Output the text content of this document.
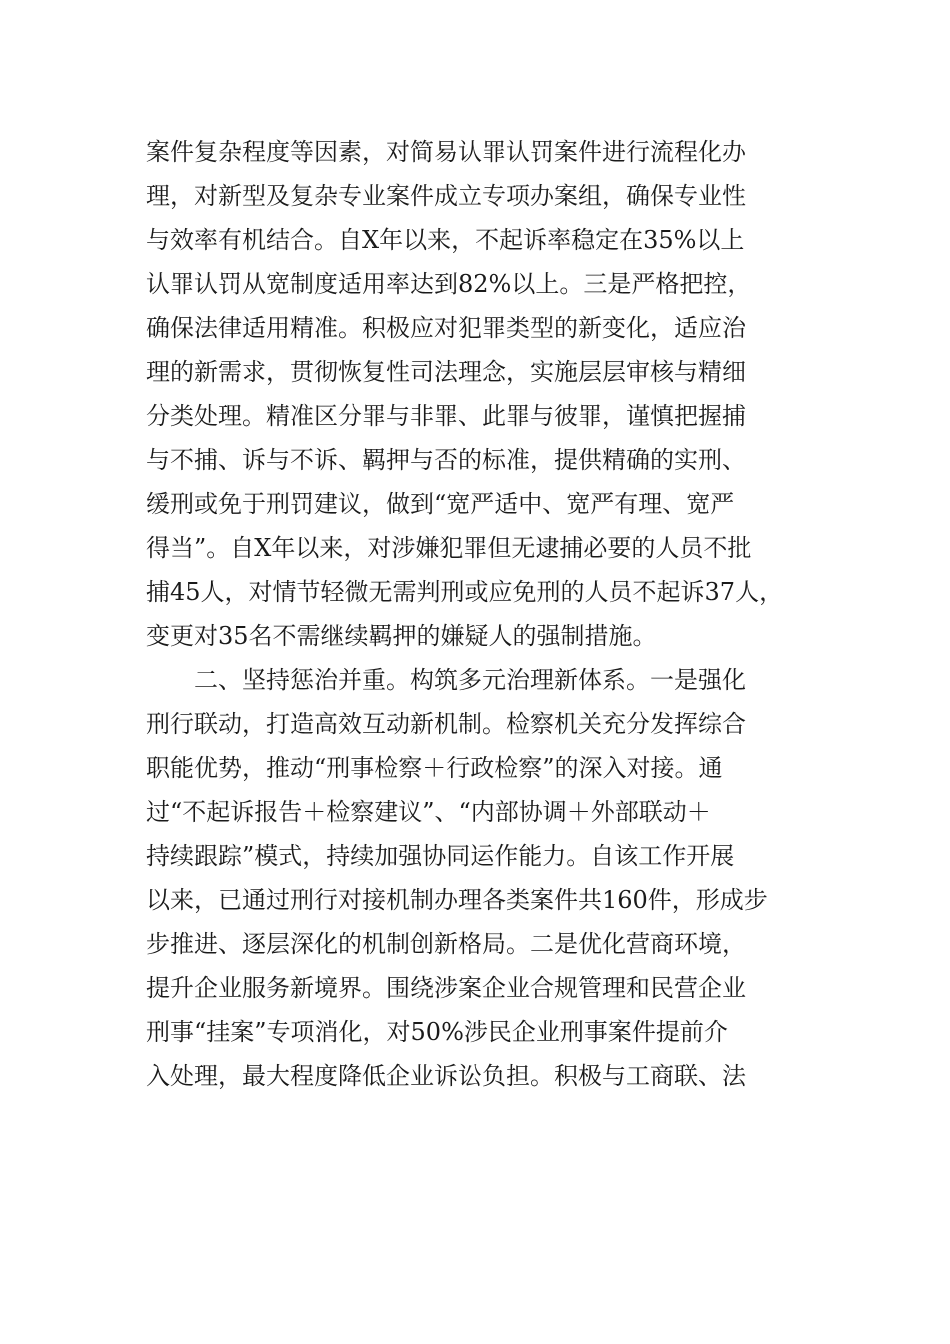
案件复杂程度等因素，对简易认罪认罚案件进行流程化办
理，对新型及复杂专业案件成立专项办案组，确保专业性
与效率有机结合。自X年以来，不起诉率稳定在35%以上
认罪认罚从宽制度适用率达到82%以上。三是严格把控，
确保法律适用精准。积极应对犯罪类型的新变化，适应治
理的新需求，贯彻恢复性司法理念，实施层层审核与精细
分类处理。精准区分罪与非罪、此罪与彼罪，谨慎把握捕
与不捕、诉与不诉、羁押与否的标准，提供精确的实刑、
缓刑或免于刑罚建议，做到“宽严适中、宽严有理、宽严
得当”。自X年以来，对涉嫌犯罪但无逮捕必要的人员不批
捕45人，对情节轻微无需判刑或应免刑的人员不起诉37人，
变更对35名不需继续羁押的嫌疑人的强制措施。
二、坚持惩治并重。构筑多元治理新体系。一是强化
刑行联动，打造高效互动新机制。检察机关充分发挥综合
职能优势，推动“刑事检察＋行政检察”的深入对接。通
过“不起诉报告＋检察建议”、“内部协调＋外部联动＋
持续跟踪”模式，持续加强协同运作能力。自该工作开展
以来，已通过刑行对接机制办理各类案件共160件，形成步
步推进、逐层深化的机制创新格局。二是优化营商环境，
提升企业服务新境界。围绕涉案企业合规管理和民营企业
刑事“挂案”专项消化，对50%涉民企业刑事案件提前介
入处理，最大程度降低企业诉讼负担。积极与工商联、法
